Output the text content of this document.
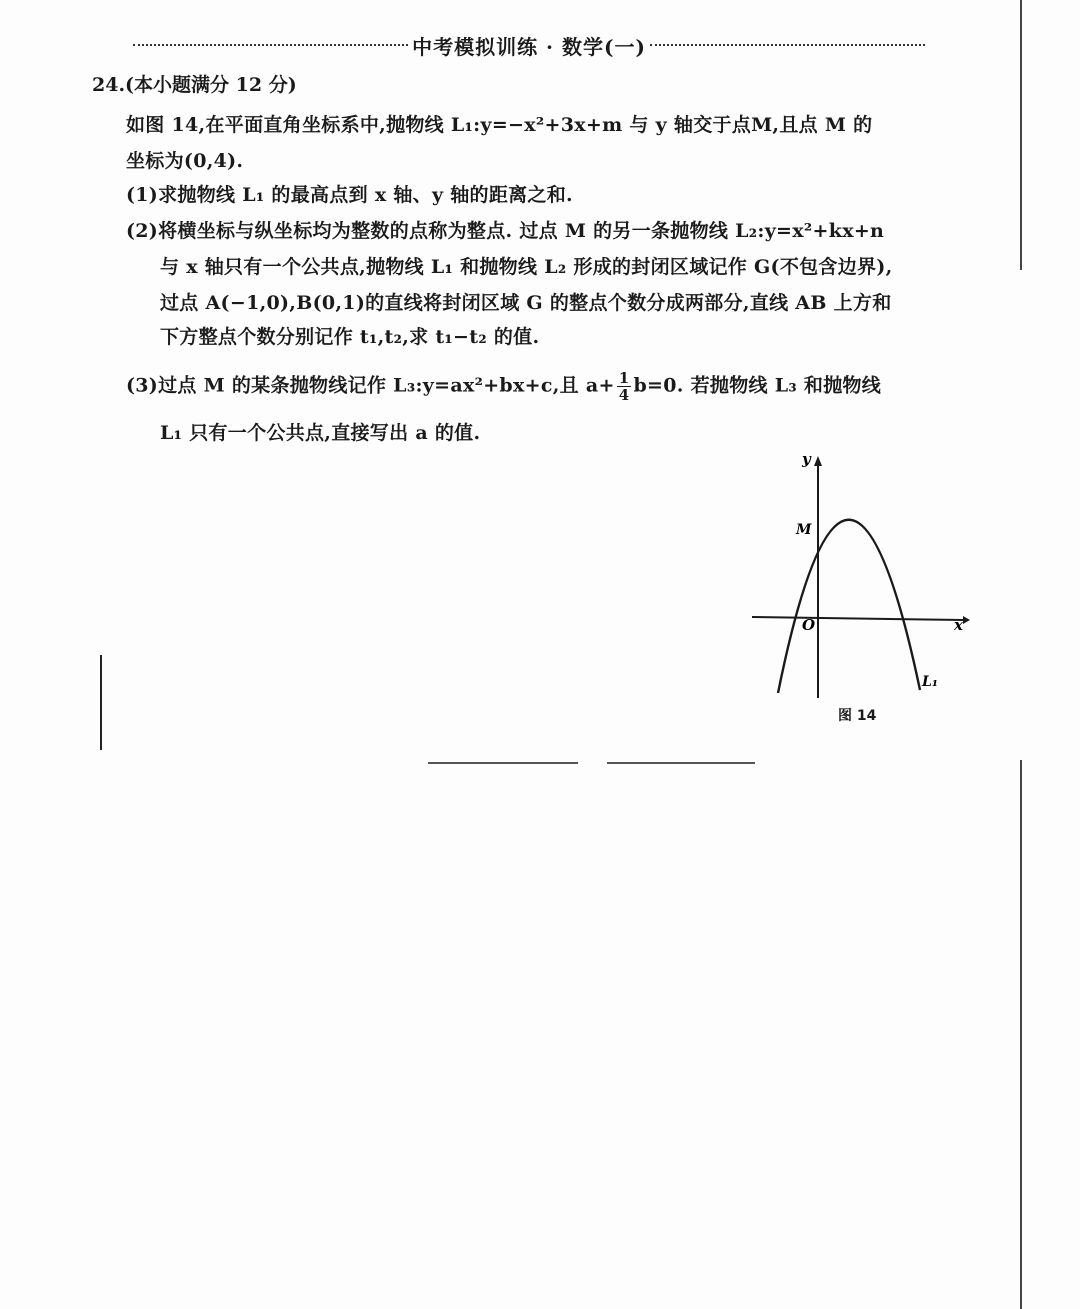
中考模拟训练 · 数学(一)
24.(本小题满分 12 分)
如图 14,在平面直角坐标系中,抛物线 L₁:y=−x²+3x+m 与 y 轴交于点M,且点 M 的
坐标为(0,4).
(1)求抛物线 L₁ 的最高点到 x 轴、y 轴的距离之和.
(2)将横坐标与纵坐标均为整数的点称为整点. 过点 M 的另一条抛物线 L₂:y=x²+kx+n
与 x 轴只有一个公共点,抛物线 L₁ 和抛物线 L₂ 形成的封闭区域记作 G(不包含边界),
过点 A(−1,0),B(0,1)的直线将封闭区域 G 的整点个数分成两部分,直线 AB 上方和
下方整点个数分别记作 t₁,t₂,求 t₁−t₂ 的值.
(3)过点 M 的某条抛物线记作 L₃:y=ax²+bx+c,且 $a+ \frac{1}{4} b=0$. 若抛物线 L₃ 和抛物线
L₁ 只有一个公共点,直接写出 a 的值.
y
x
O
M
L₁
图 14
